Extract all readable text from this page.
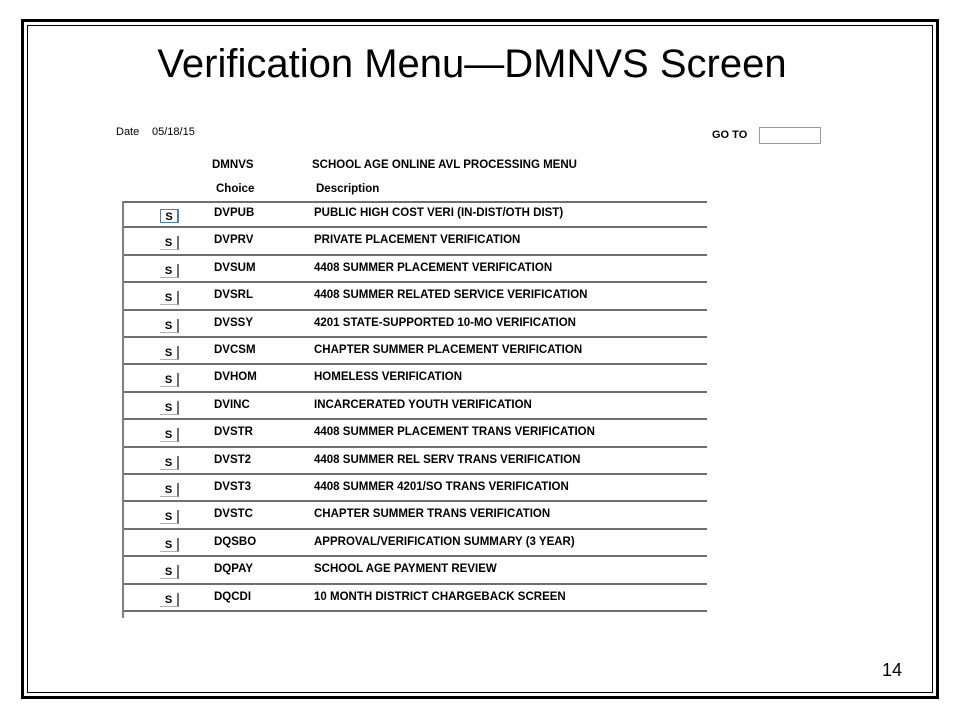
Verification Menu—DMNVS Screen
Date 05/18/15	GO TO
DMNVS	SCHOOL AGE ONLINE AVL PROCESSING MENU
Choice	Description
S	DVPUB	PUBLIC HIGH COST VERI (IN-DIST/OTH DIST)
S	DVPRV	PRIVATE PLACEMENT VERIFICATION
S	DVSUM	4408 SUMMER PLACEMENT VERIFICATION
S	DVSRL	4408 SUMMER RELATED SERVICE VERIFICATION
S	DVSSY	4201 STATE-SUPPORTED 10-MO VERIFICATION
S	DVCSM	CHAPTER SUMMER PLACEMENT VERIFICATION
S	DVHOM	HOMELESS VERIFICATION
S	DVINC	INCARCERATED YOUTH VERIFICATION
S	DVSTR	4408 SUMMER PLACEMENT TRANS VERIFICATION
S	DVST2	4408 SUMMER REL SERV TRANS VERIFICATION
S	DVST3	4408 SUMMER 4201/SO TRANS VERIFICATION
S	DVSTC	CHAPTER SUMMER TRANS VERIFICATION
S	DQSBO	APPROVAL/VERIFICATION SUMMARY (3 YEAR)
S	DQPAY	SCHOOL AGE PAYMENT REVIEW
S	DQCDI	10 MONTH DISTRICT CHARGEBACK SCREEN
14
